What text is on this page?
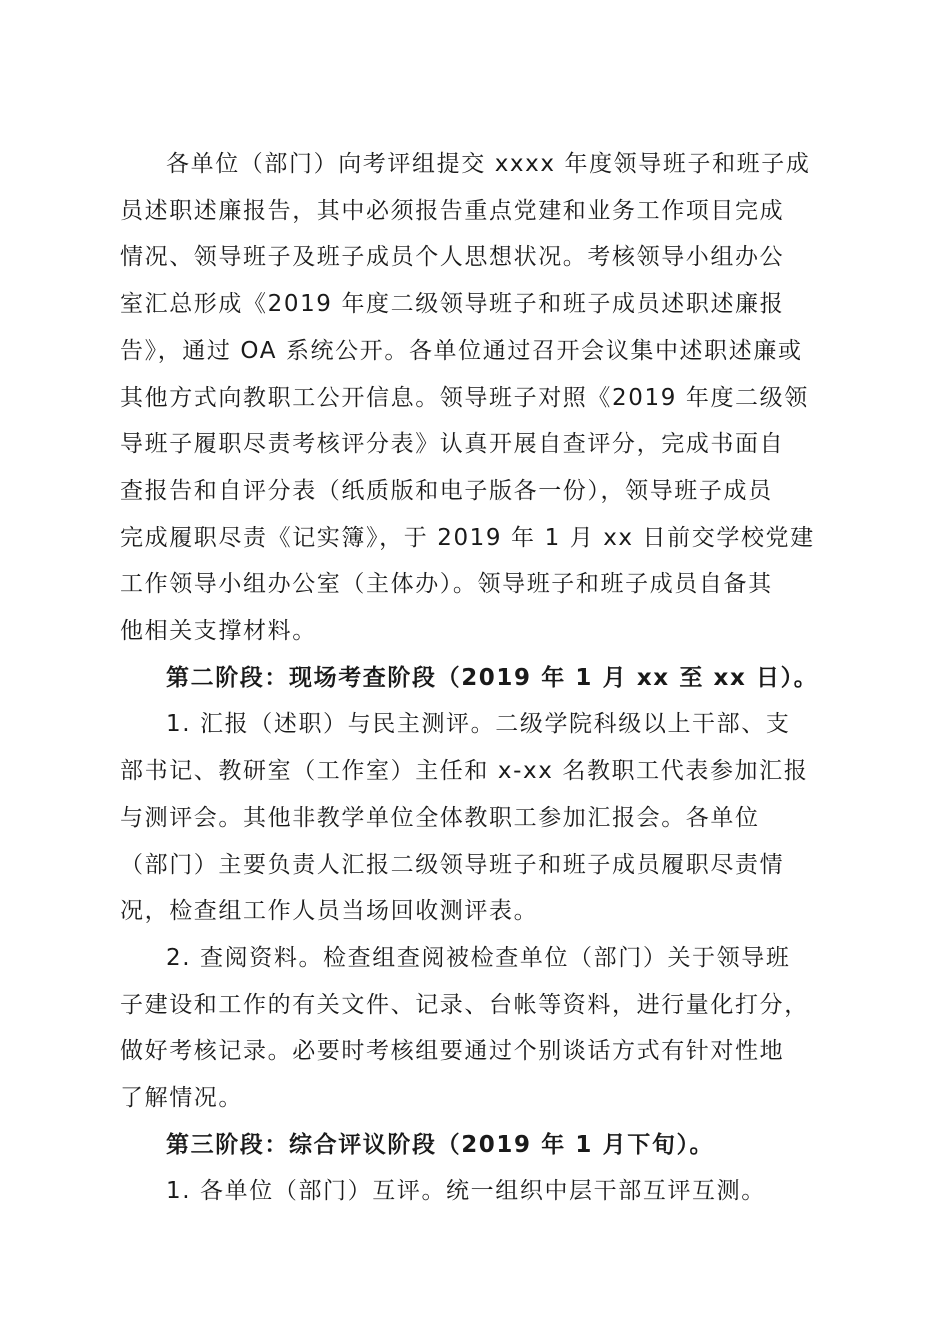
各单位（部门）向考评组提交 xxxx 年度领导班子和班子成
员述职述廉报告，其中必须报告重点党建和业务工作项目完成
情况、领导班子及班子成员个人思想状况。考核领导小组办公
室汇总形成《2019 年度二级领导班子和班子成员述职述廉报
告》，通过 OA 系统公开。各单位通过召开会议集中述职述廉或
其他方式向教职工公开信息。领导班子对照《2019 年度二级领
导班子履职尽责考核评分表》认真开展自查评分，完成书面自
查报告和自评分表（纸质版和电子版各一份），领导班子成员
完成履职尽责《记实簿》，于 2019 年 1 月 xx 日前交学校党建
工作领导小组办公室（主体办）。领导班子和班子成员自备其
他相关支撑材料。

第二阶段：现场考查阶段（2019 年 1 月 xx 至 xx 日）。

1. 汇报（述职）与民主测评。二级学院科级以上干部、支
部书记、教研室（工作室）主任和 x-xx 名教职工代表参加汇报
与测评会。其他非教学单位全体教职工参加汇报会。各单位
（部门）主要负责人汇报二级领导班子和班子成员履职尽责情
况，检查组工作人员当场回收测评表。

2. 查阅资料。检查组查阅被检查单位（部门）关于领导班
子建设和工作的有关文件、记录、台帐等资料，进行量化打分，
做好考核记录。必要时考核组要通过个别谈话方式有针对性地
了解情况。

第三阶段：综合评议阶段（2019 年 1 月下旬）。

1. 各单位（部门）互评。统一组织中层干部互评互测。
